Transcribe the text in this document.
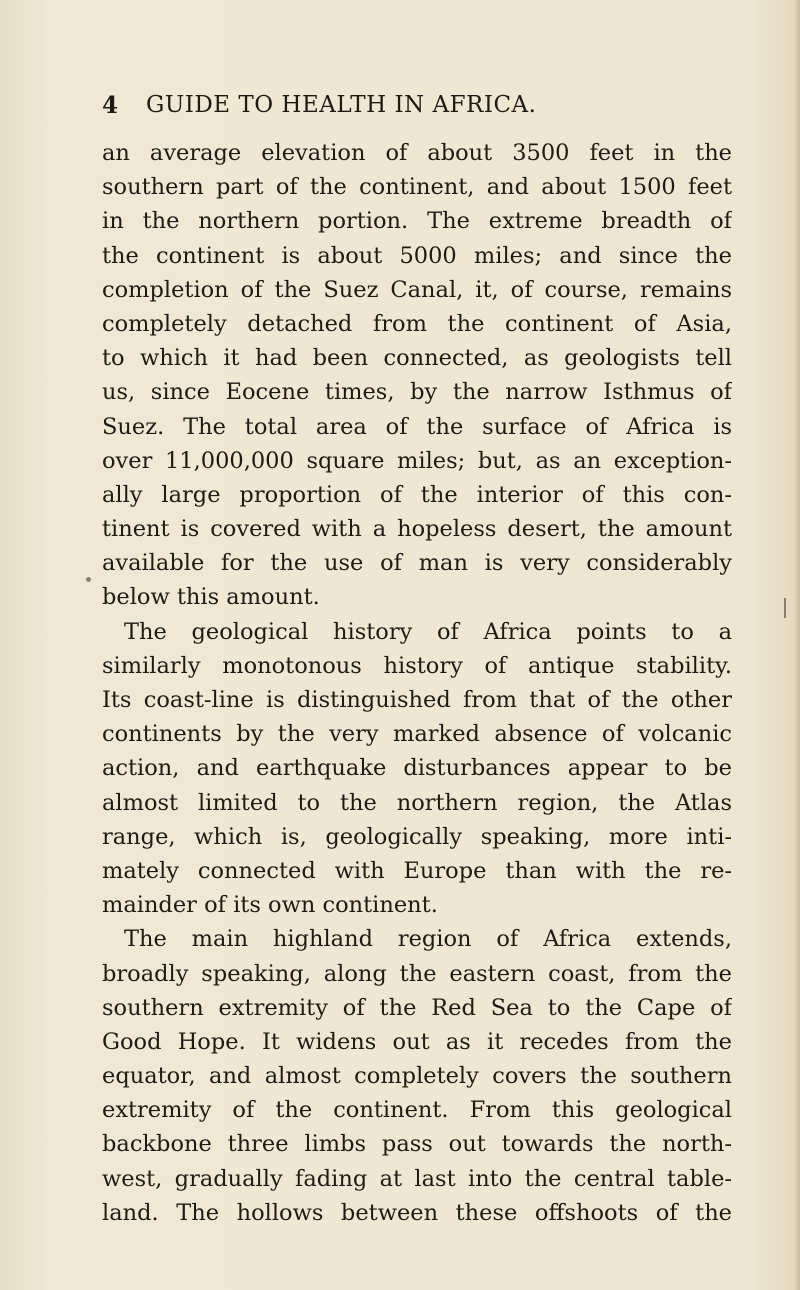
4 GUIDE TO HEALTH IN AFRICA.
an average elevation of about 3500 feet in the
southern part of the continent, and about 1500 feet
in the northern portion. The extreme breadth of
the continent is about 5000 miles; and since the
completion of the Suez Canal, it, of course, remains
completely detached from the continent of Asia,
to which it had been connected, as geologists tell
us, since Eocene times, by the narrow Isthmus of
Suez. The total area of the surface of Africa is
over 11,000,000 square miles; but, as an exception-
ally large proportion of the interior of this con-
tinent is covered with a hopeless desert, the amount
available for the use of man is very considerably
below this amount.
The geological history of Africa points to a
similarly monotonous history of antique stability.
Its coast-line is distinguished from that of the other
continents by the very marked absence of volcanic
action, and earthquake disturbances appear to be
almost limited to the northern region, the Atlas
range, which is, geologically speaking, more inti-
mately connected with Europe than with the re-
mainder of its own continent.
The main highland region of Africa extends,
broadly speaking, along the eastern coast, from the
southern extremity of the Red Sea to the Cape of
Good Hope. It widens out as it recedes from the
equator, and almost completely covers the southern
extremity of the continent. From this geological
backbone three limbs pass out towards the north-
west, gradually fading at last into the central table-
land. The hollows between these offshoots of the
